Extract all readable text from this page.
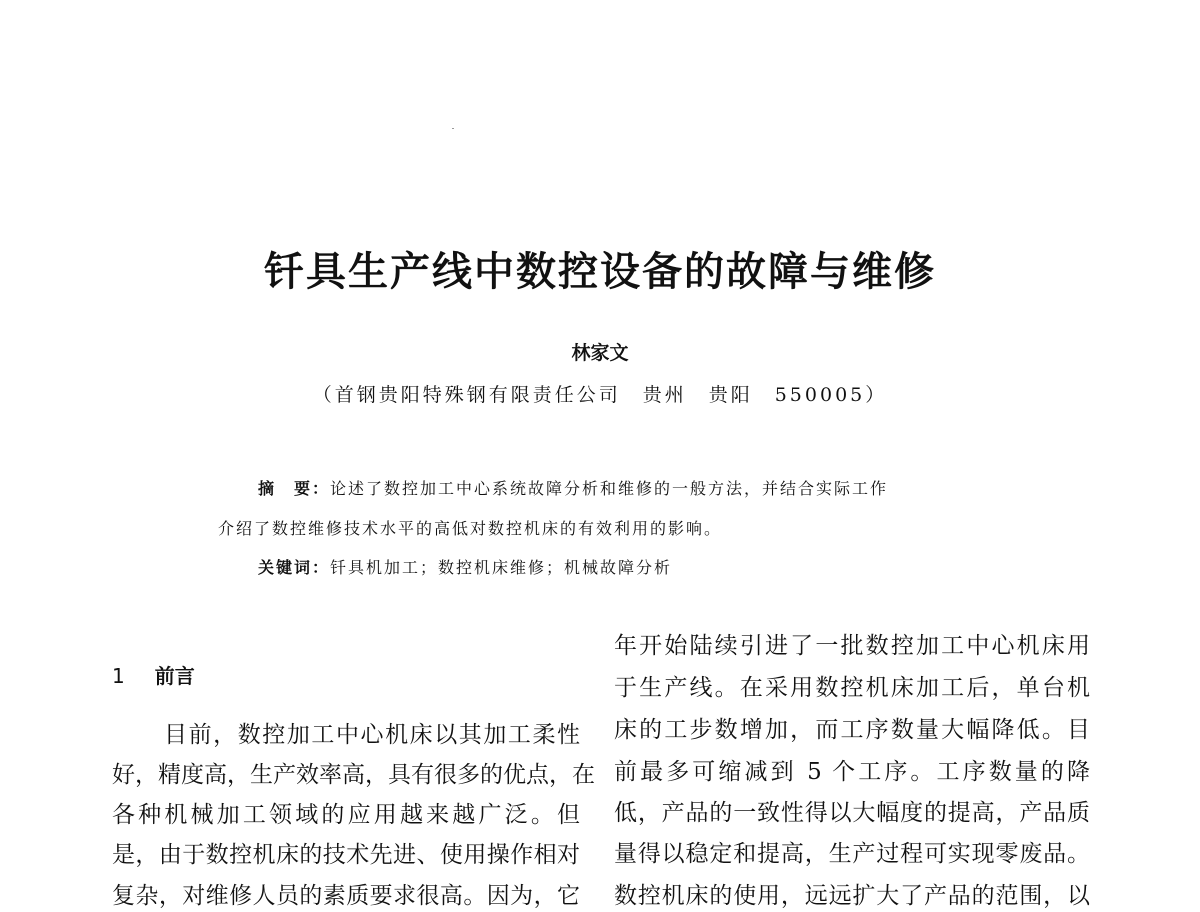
钎具生产线中数控设备的故障与维修
林家文
（首钢贵阳特殊钢有限责任公司　贵州　贵阳　550005）
摘　要：论述了数控加工中心系统故障分析和维修的一般方法，并结合实际工作
介绍了数控维修技术水平的高低对数控机床的有效利用的影响。
关键词：钎具机加工；数控机床维修；机械故障分析
1 前言
目前，数控加工中心机床以其加工柔性
好，精度高，生产效率高，具有很多的优点，在
各种机械加工领域的应用越来越广泛。但
是，由于数控机床的技术先进、使用操作相对
复杂，对维修人员的素质要求很高。因为，它
年开始陆续引进了一批数控加工中心机床用
于生产线。在采用数控机床加工后，单台机
床的工步数增加，而工序数量大幅降低。目
前最多可缩减到 5 个工序。工序数量的降
低，产品的一致性得以大幅度的提高，产品质
量得以稳定和提高，生产过程可实现零废品。
数控机床的使用，远远扩大了产品的范围，以
